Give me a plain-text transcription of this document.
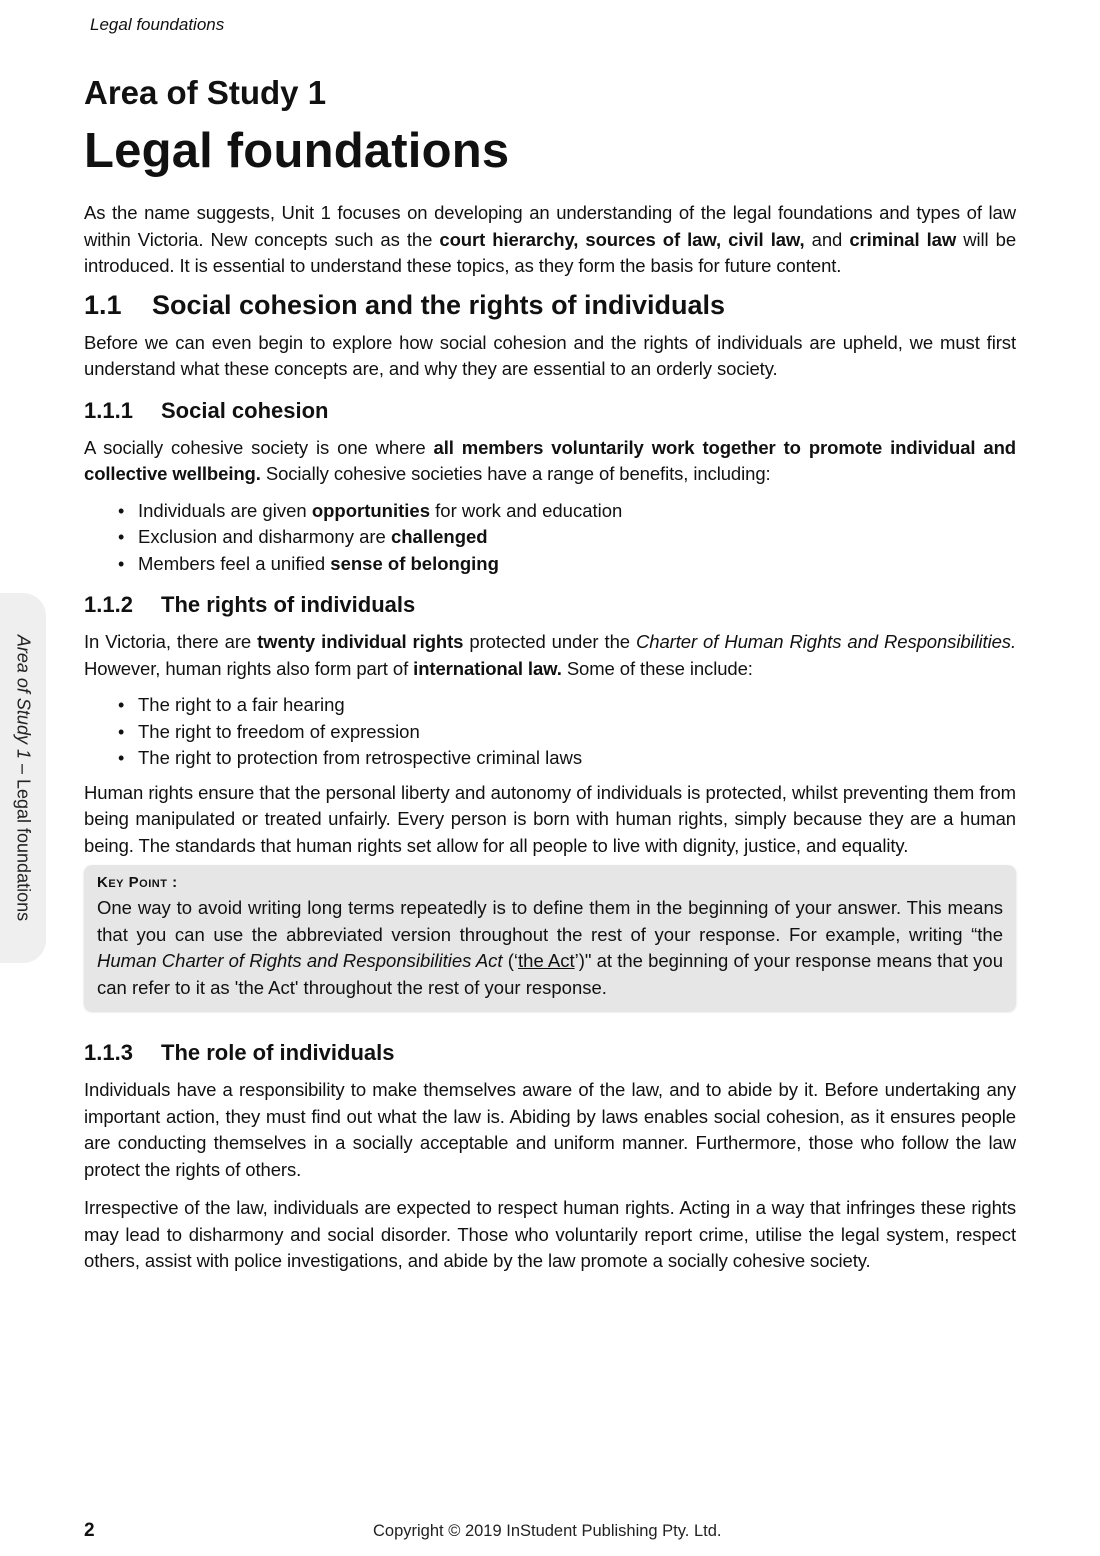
Legal foundations
Area of Study 1 – Legal foundations
Area of Study 1
Legal foundations

As the name suggests, Unit 1 focuses on developing an understanding of the legal foundations and types of law within Victoria. New concepts such as the court hierarchy, sources of law, civil law, and criminal law will be introduced. It is essential to understand these topics, as they form the basis for future content.

1.1 Social cohesion and the rights of individuals

Before we can even begin to explore how social cohesion and the rights of individuals are upheld, we must first understand what these concepts are, and why they are essential to an orderly society.

1.1.1 Social cohesion

A socially cohesive society is one where all members voluntarily work together to promote individual and collective wellbeing. Socially cohesive societies have a range of benefits, including:

• Individuals are given opportunities for work and education
• Exclusion and disharmony are challenged
• Members feel a unified sense of belonging
1.1.2 The rights of individuals

In Victoria, there are twenty individual rights protected under the Charter of Human Rights and Responsibilities. However, human rights also form part of international law. Some of these include:

• The right to a fair hearing
• The right to freedom of expression
• The right to protection from retrospective criminal laws

Human rights ensure that the personal liberty and autonomy of individuals is protected, whilst preventing them from being manipulated or treated unfairly. Every person is born with human rights, simply because they are a human being. The standards that human rights set allow for all people to live with dignity, justice, and equality.

Key Point :
One way to avoid writing long terms repeatedly is to define them in the beginning of your answer. This means that you can use the abbreviated version throughout the rest of your response. For example, writing “the Human Charter of Rights and Responsibilities Act (‘the Act’)" at the beginning of your response means that you can refer to it as 'the Act' throughout the rest of your response.
1.1.3 The role of individuals

Individuals have a responsibility to make themselves aware of the law, and to abide by it. Before undertaking any important action, they must find out what the law is. Abiding by laws enables social cohesion, as it ensures people are conducting themselves in a socially acceptable and uniform manner. Furthermore, those who follow the law protect the rights of others.

Irrespective of the law, individuals are expected to respect human rights. Acting in a way that infringes these rights may lead to disharmony and social disorder. Those who voluntarily report crime, utilise the legal system, respect others, assist with police investigations, and abide by the law promote a socially cohesive society.

2	Copyright © 2019 InStudent Publishing Pty. Ltd.
